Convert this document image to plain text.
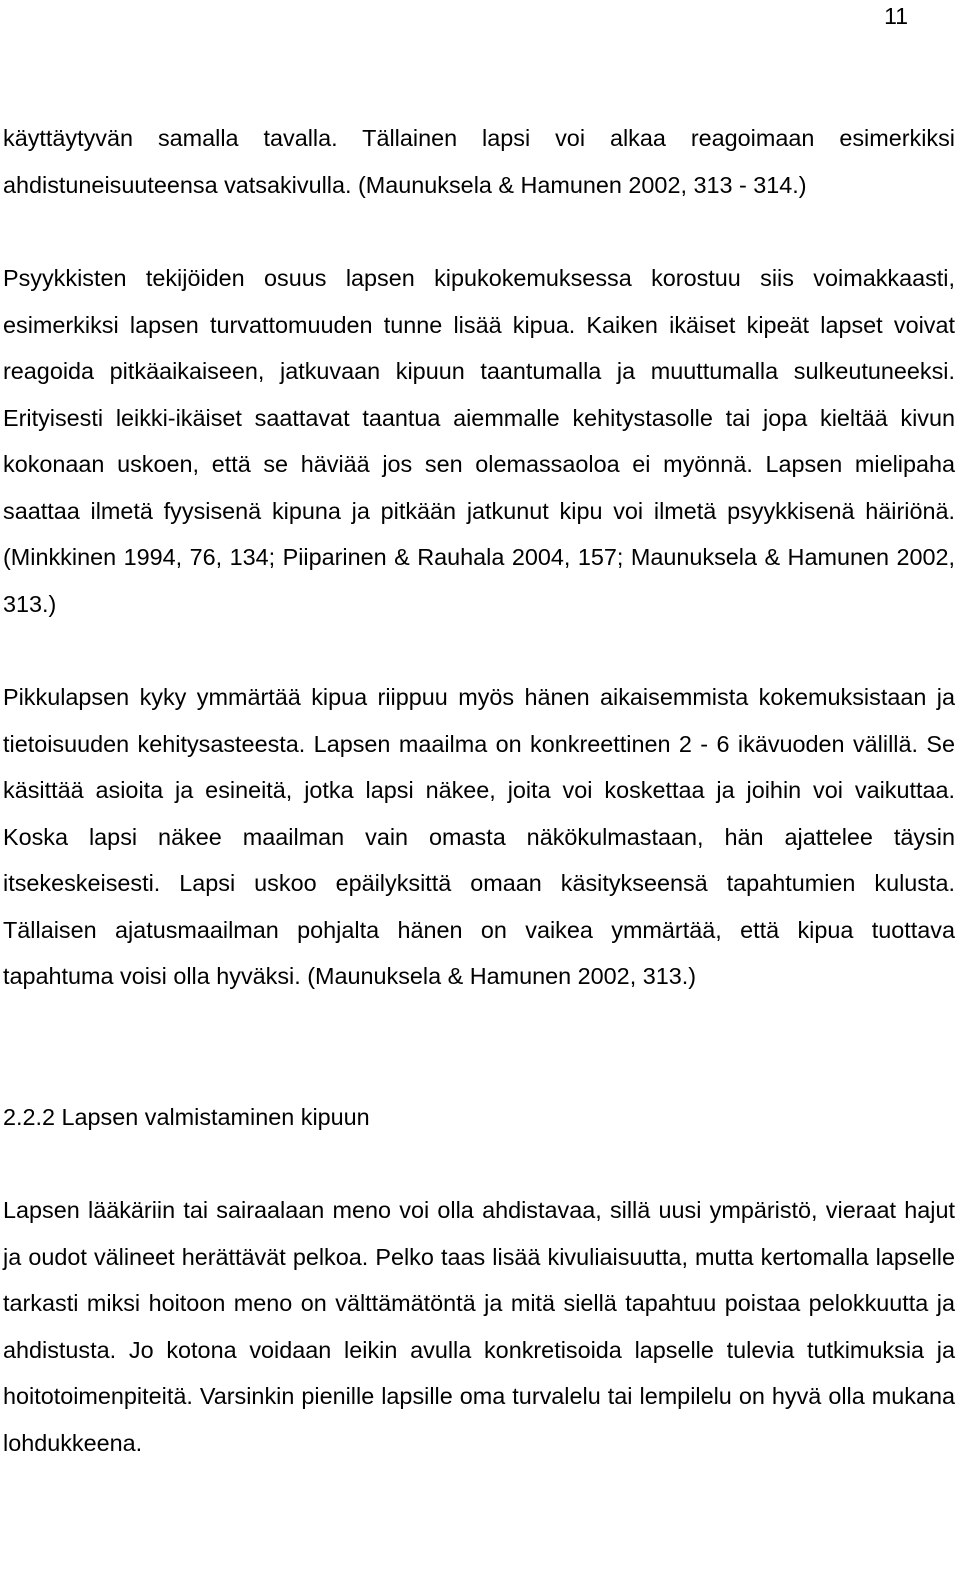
11

käyttäytyvän samalla tavalla. Tällainen lapsi voi alkaa reagoimaan esimerkiksi ahdistuneisuuteensa vatsakivulla. (Maunuksela & Hamunen 2002, 313 - 314.)

Psyykkisten tekijöiden osuus lapsen kipukokemuksessa korostuu siis voimakkaasti, esimerkiksi lapsen turvattomuuden tunne lisää kipua. Kaiken ikäiset kipeät lapset voivat reagoida pitkäaikaiseen, jatkuvaan kipuun taantumalla ja muuttumalla sulkeutuneeksi. Erityisesti leikki-ikäiset saattavat taantua aiemmalle kehitystasolle tai jopa kieltää kivun kokonaan uskoen, että se häviää jos sen olemassaoloa ei myönnä. Lapsen mielipaha saattaa ilmetä fyysisenä kipuna ja pitkään jatkunut kipu voi ilmetä psyykkisenä häiriönä. (Minkkinen 1994, 76, 134; Piiparinen & Rauhala 2004, 157; Maunuksela & Hamunen 2002, 313.)

Pikkulapsen kyky ymmärtää kipua riippuu myös hänen aikaisemmista kokemuksistaan ja tietoisuuden kehitysasteesta. Lapsen maailma on konkreettinen 2 - 6 ikävuoden välillä. Se käsittää asioita ja esineitä, jotka lapsi näkee, joita voi koskettaa ja joihin voi vaikuttaa. Koska lapsi näkee maailman vain omasta näkökulmastaan, hän ajattelee täysin itsekeskeisesti. Lapsi uskoo epäilyksittä omaan käsitykseensä tapahtumien kulusta. Tällaisen ajatusmaailman pohjalta hänen on vaikea ymmärtää, että kipua tuottava tapahtuma voisi olla hyväksi. (Maunuksela & Hamunen 2002, 313.)

2.2.2 Lapsen valmistaminen kipuun

Lapsen lääkäriin tai sairaalaan meno voi olla ahdistavaa, sillä uusi ympäristö, vieraat hajut ja oudot välineet herättävät pelkoa. Pelko taas lisää kivuliaisuutta, mutta kertomalla lapselle tarkasti miksi hoitoon meno on välttämätöntä ja mitä siellä tapahtuu poistaa pelokkuutta ja ahdistusta. Jo kotona voidaan leikin avulla konkretisoida lapselle tulevia tutkimuksia ja hoitotoimenpiteitä. Varsinkin pienille lapsille oma turvalelu tai lempilelu on hyvä olla mukana lohdukkeena.
